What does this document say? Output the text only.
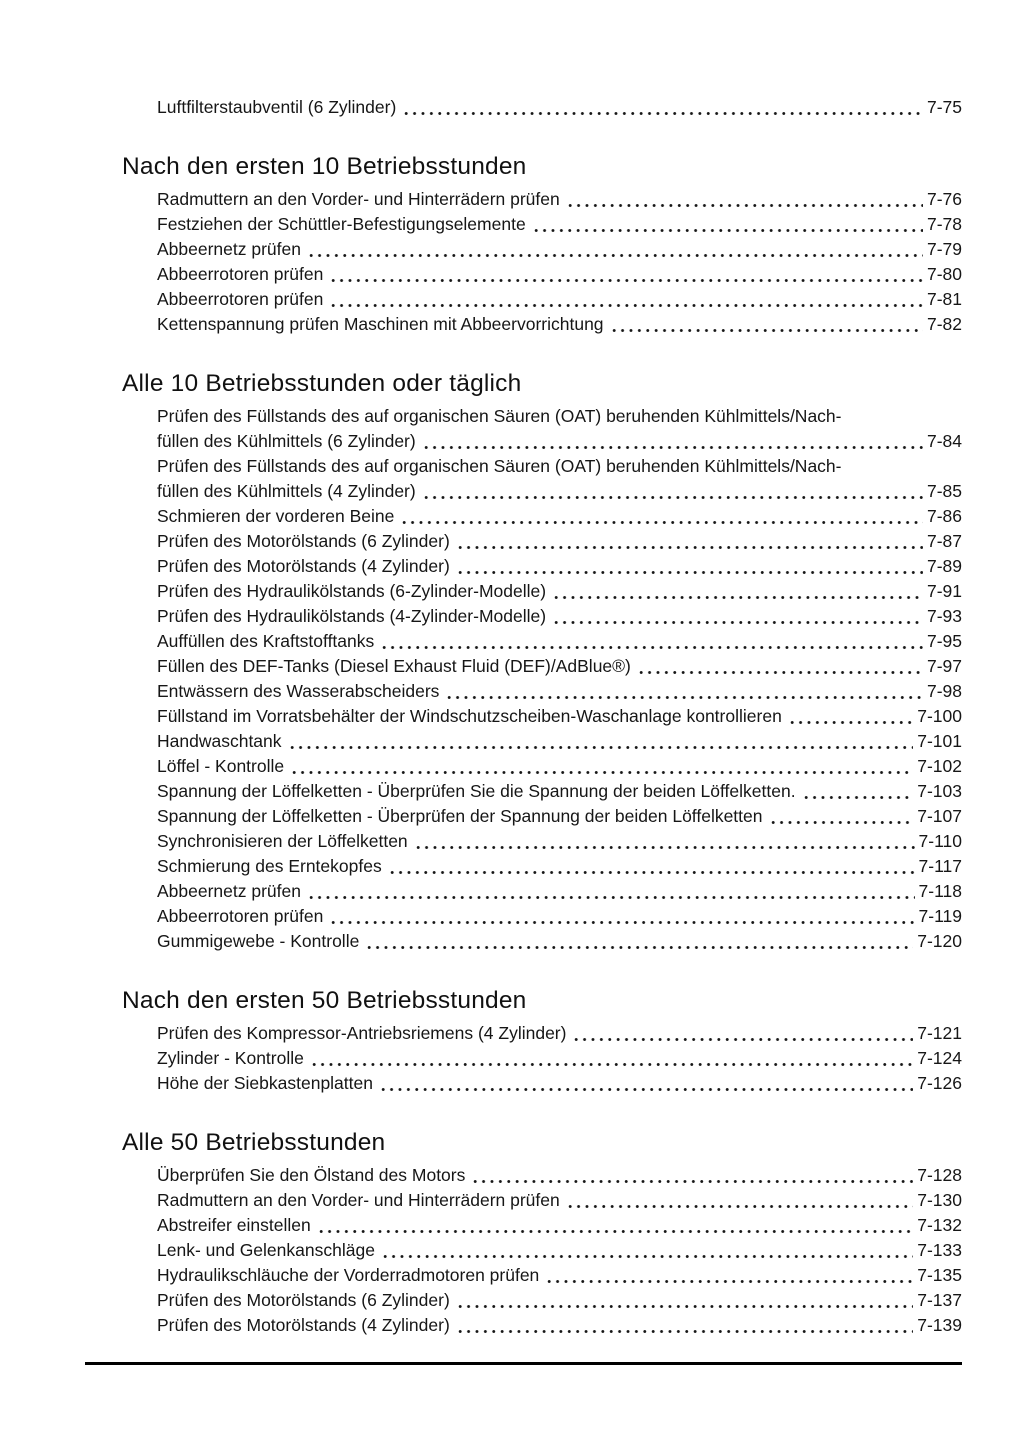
Luftfilterstaubventil (6 Zylinder)	7-75
Nach den ersten 10 Betriebsstunden
Radmuttern an den Vorder- und Hinterrädern prüfen	7-76
Festziehen der Schüttler-Befestigungselemente	7-78
Abbeernetz prüfen	7-79
Abbeerrotoren prüfen	7-80
Abbeerrotoren prüfen	7-81
Kettenspannung prüfen Maschinen mit Abbeervorrichtung	7-82
Alle 10 Betriebsstunden oder täglich
Prüfen des Füllstands des auf organischen Säuren (OAT) beruhenden Kühlmittels/Nach-
füllen des Kühlmittels (6 Zylinder)	7-84
Prüfen des Füllstands des auf organischen Säuren (OAT) beruhenden Kühlmittels/Nach-
füllen des Kühlmittels (4 Zylinder)	7-85
Schmieren der vorderen Beine	7-86
Prüfen des Motorölstands (6 Zylinder)	7-87
Prüfen des Motorölstands (4 Zylinder)	7-89
Prüfen des Hydraulikölstands (6-Zylinder-Modelle)	7-91
Prüfen des Hydraulikölstands (4-Zylinder-Modelle)	7-93
Auffüllen des Kraftstofftanks	7-95
Füllen des DEF-Tanks (Diesel Exhaust Fluid (DEF)/AdBlue®)	7-97
Entwässern des Wasserabscheiders	7-98
Füllstand im Vorratsbehälter der Windschutzscheiben-Waschanlage kontrollieren	7-100
Handwaschtank	7-101
Löffel - Kontrolle	7-102
Spannung der Löffelketten - Überprüfen Sie die Spannung der beiden Löffelketten.	7-103
Spannung der Löffelketten - Überprüfen der Spannung der beiden Löffelketten	7-107
Synchronisieren der Löffelketten	7-110
Schmierung des Erntekopfes	7-117
Abbeernetz prüfen	7-118
Abbeerrotoren prüfen	7-119
Gummigewebe - Kontrolle	7-120
Nach den ersten 50 Betriebsstunden
Prüfen des Kompressor-Antriebsriemens (4 Zylinder)	7-121
Zylinder - Kontrolle	7-124
Höhe der Siebkastenplatten	7-126
Alle 50 Betriebsstunden
Überprüfen Sie den Ölstand des Motors	7-128
Radmuttern an den Vorder- und Hinterrädern prüfen	7-130
Abstreifer einstellen	7-132
Lenk- und Gelenkanschläge	7-133
Hydraulikschläuche der Vorderradmotoren prüfen	7-135
Prüfen des Motorölstands (6 Zylinder)	7-137
Prüfen des Motorölstands (4 Zylinder)	7-139
